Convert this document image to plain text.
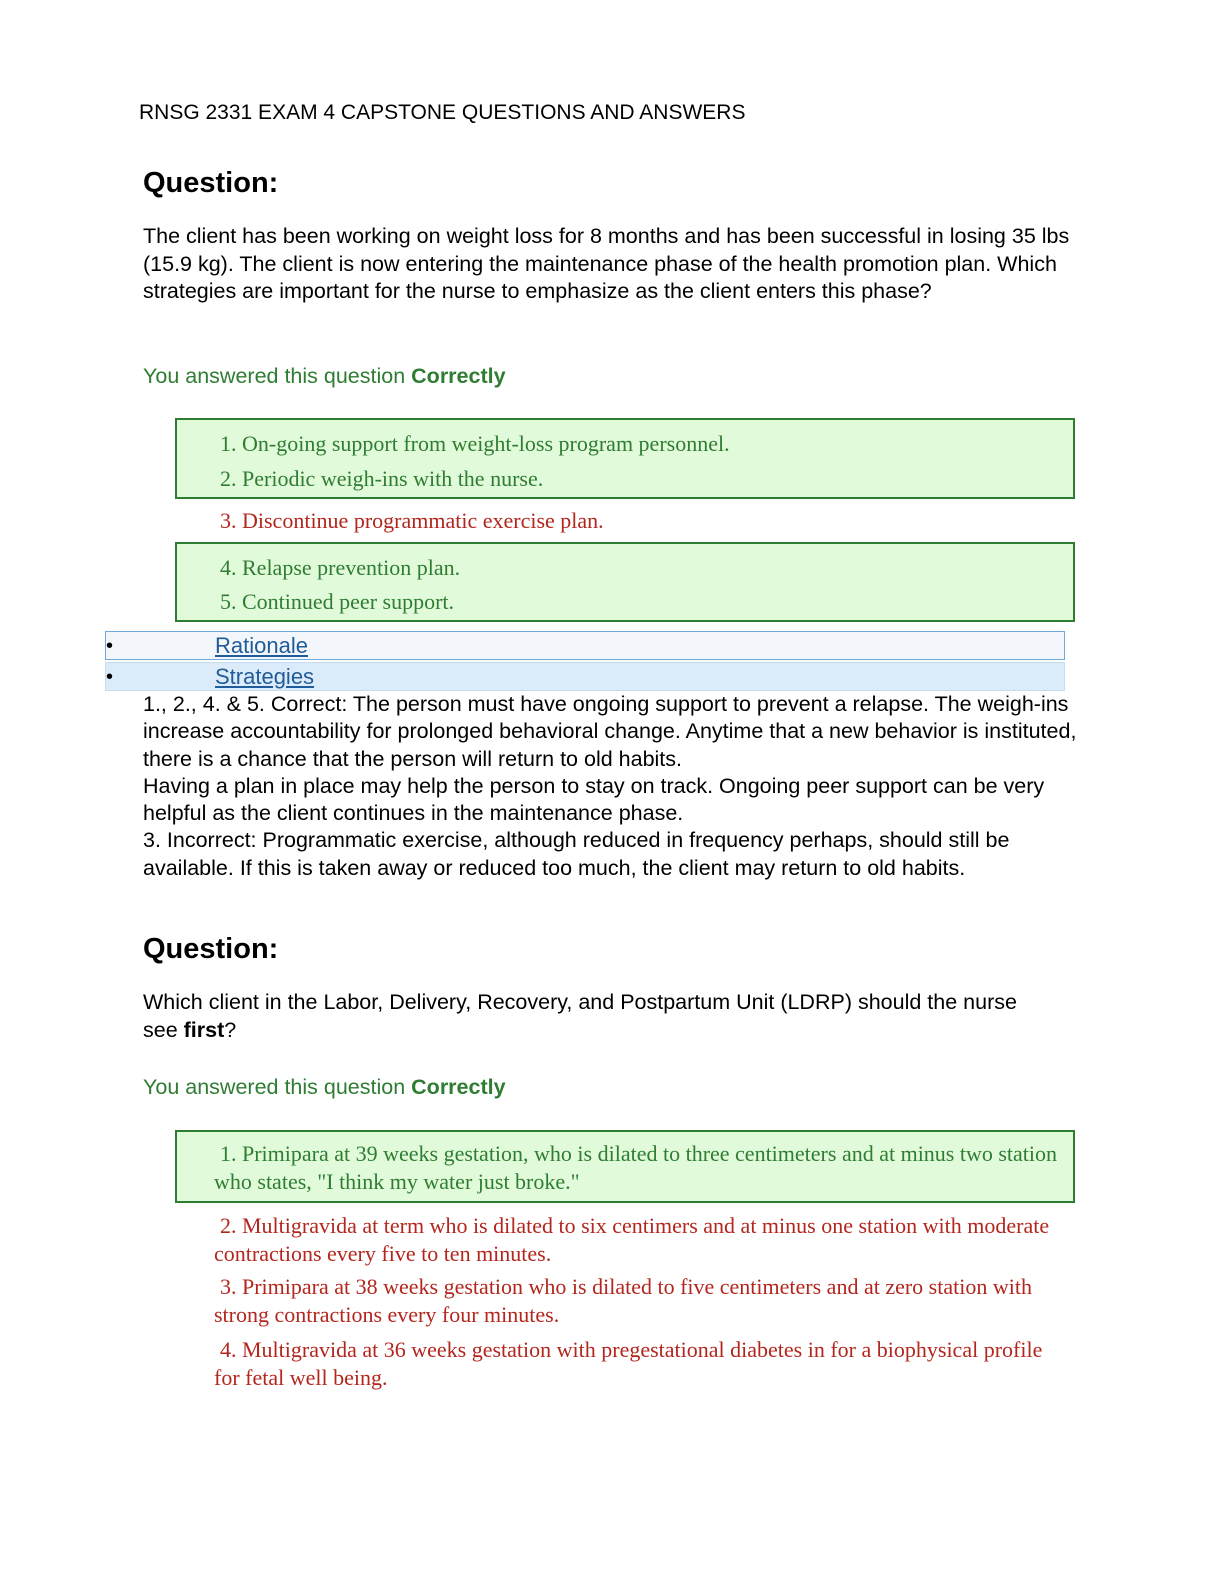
RNSG 2331 EXAM 4 CAPSTONE QUESTIONS AND ANSWERS
Question:
The client has been working on weight loss for 8 months and has been successful in losing 35 lbs (15.9 kg). The client is now entering the maintenance phase of the health promotion plan. Which strategies are important for the nurse to emphasize as the client enters this phase?
You answered this question Correctly
1. On-going support from weight-loss program personnel.
2. Periodic weigh-ins with the nurse.
3. Discontinue programmatic exercise plan.
4. Relapse prevention plan.
5. Continued peer support.
•	Rationale
•	Strategies

1., 2., 4. & 5. Correct: The person must have ongoing support to prevent a relapse. The weigh-ins increase accountability for prolonged behavioral change. Anytime that a new behavior is instituted, there is a chance that the person will return to old habits.

Having a plan in place may help the person to stay on track. Ongoing peer support can be very helpful as the client continues in the maintenance phase.

3. Incorrect: Programmatic exercise, although reduced in frequency perhaps, should still be available. If this is taken away or reduced too much, the client may return to old habits.

Question:
Which client in the Labor, Delivery, Recovery, and Postpartum Unit (LDRP) should the nurse see first?
You answered this question Correctly
1. Primipara at 39 weeks gestation, who is dilated to three centimeters and at minus two station who states, "I think my water just broke."
2. Multigravida at term who is dilated to six centimers and at minus one station with moderate contractions every five to ten minutes.
3. Primipara at 38 weeks gestation who is dilated to five centimeters and at zero station with strong contractions every four minutes.
4. Multigravida at 36 weeks gestation with pregestational diabetes in for a biophysical profile for fetal well being.
